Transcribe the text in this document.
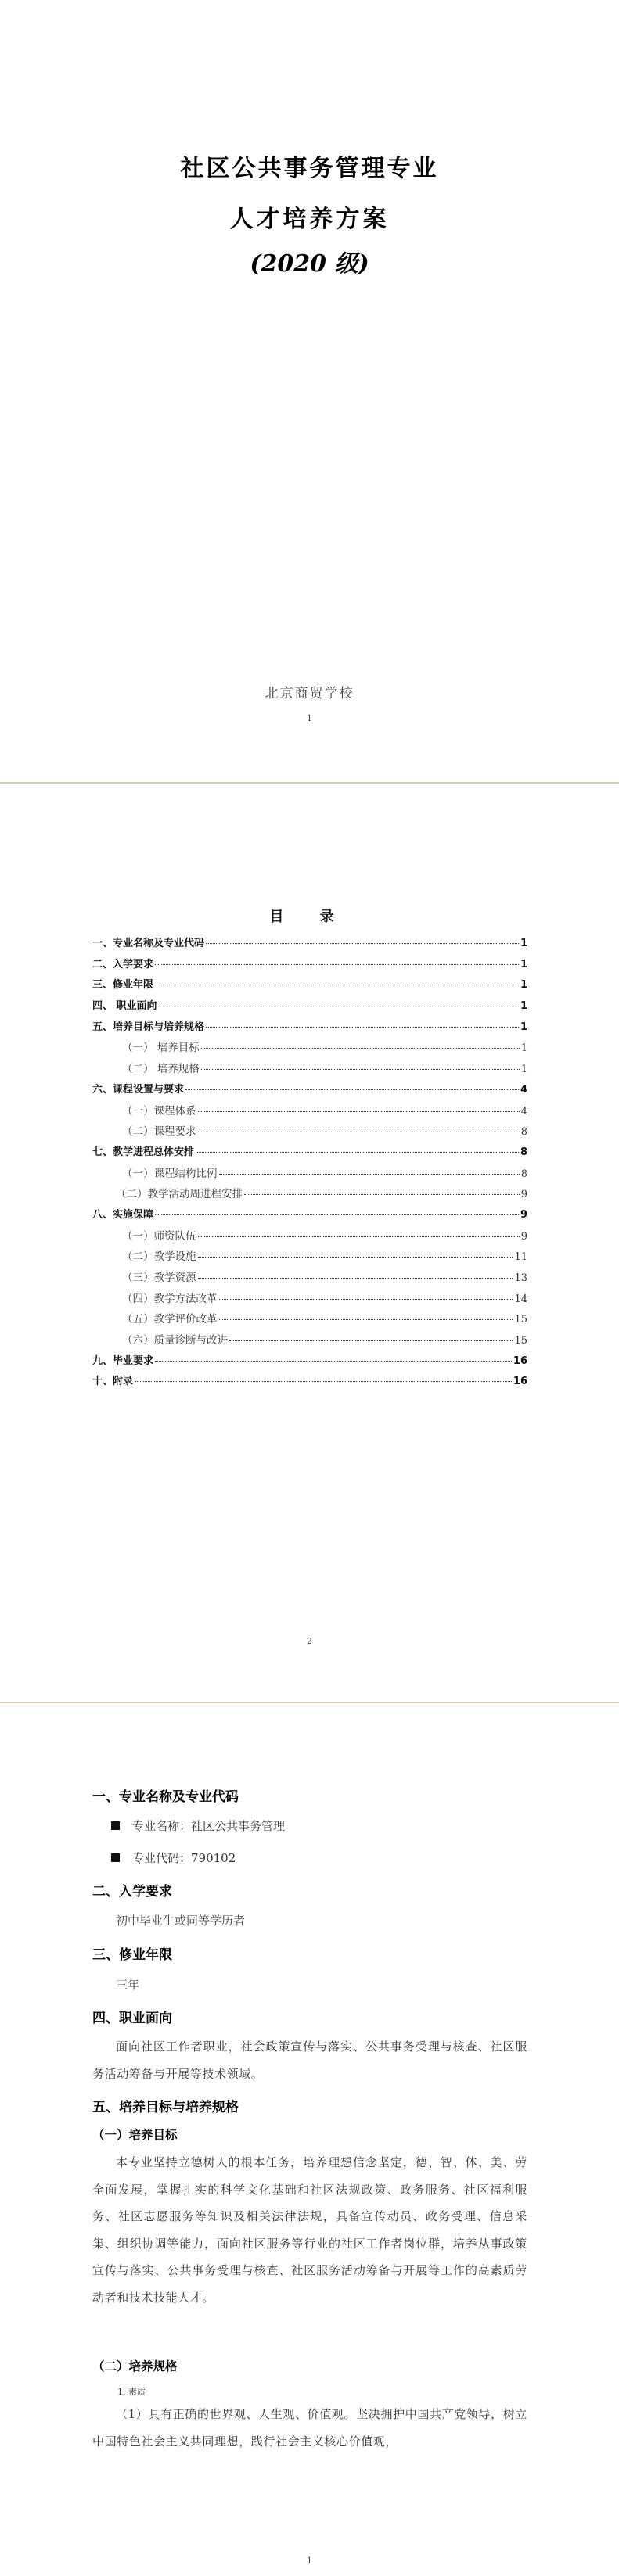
社区公共事务管理专业
人才培养方案
(2020 级)
北京商贸学校
1
目 录
一、专业名称及专业代码	1
二、入学要求	1
三、修业年限	1
四、 职业面向	1
五、培养目标与培养规格	1
（一） 培养目标	1
（二） 培养规格	1
六、课程设置与要求	4
（一）课程体系	4
（二）课程要求	8
七、教学进程总体安排	8
（一）课程结构比例	8
（二）教学活动周进程安排	9
八、实施保障	9
（一）师资队伍	9
（二）教学设施	11
（三）教学资源	13
（四）教学方法改革	14
（五）教学评价改革	15
（六）质量诊断与改进	15
九、毕业要求	16
十、附录	16
2
一、专业名称及专业代码
专业名称：社区公共事务管理
专业代码：790102
二、入学要求
初中毕业生或同等学历者
三、修业年限
三年
四、职业面向
面向社区工作者职业，社会政策宣传与落实、公共事务受理与核查、社区服务活动筹备与开展等技术领域。
五、培养目标与培养规格
（一）培养目标
本专业坚持立德树人的根本任务，培养理想信念坚定，德、智、体、美、劳全面发展，掌握扎实的科学文化基础和社区法规政策、政务服务、社区福利服务、社区志愿服务等知识及相关法律法规，具备宣传动员、政务受理、信息采集、组织协调等能力，面向社区服务等行业的社区工作者岗位群，培养从事政策宣传与落实、公共事务受理与核查、社区服务活动筹备与开展等工作的高素质劳动者和技术技能人才。
（二）培养规格
1. 素质
（1）具有正确的世界观、人生观、价值观。坚决拥护中国共产党领导，树立中国特色社会主义共同理想，践行社会主义核心价值观，
1
